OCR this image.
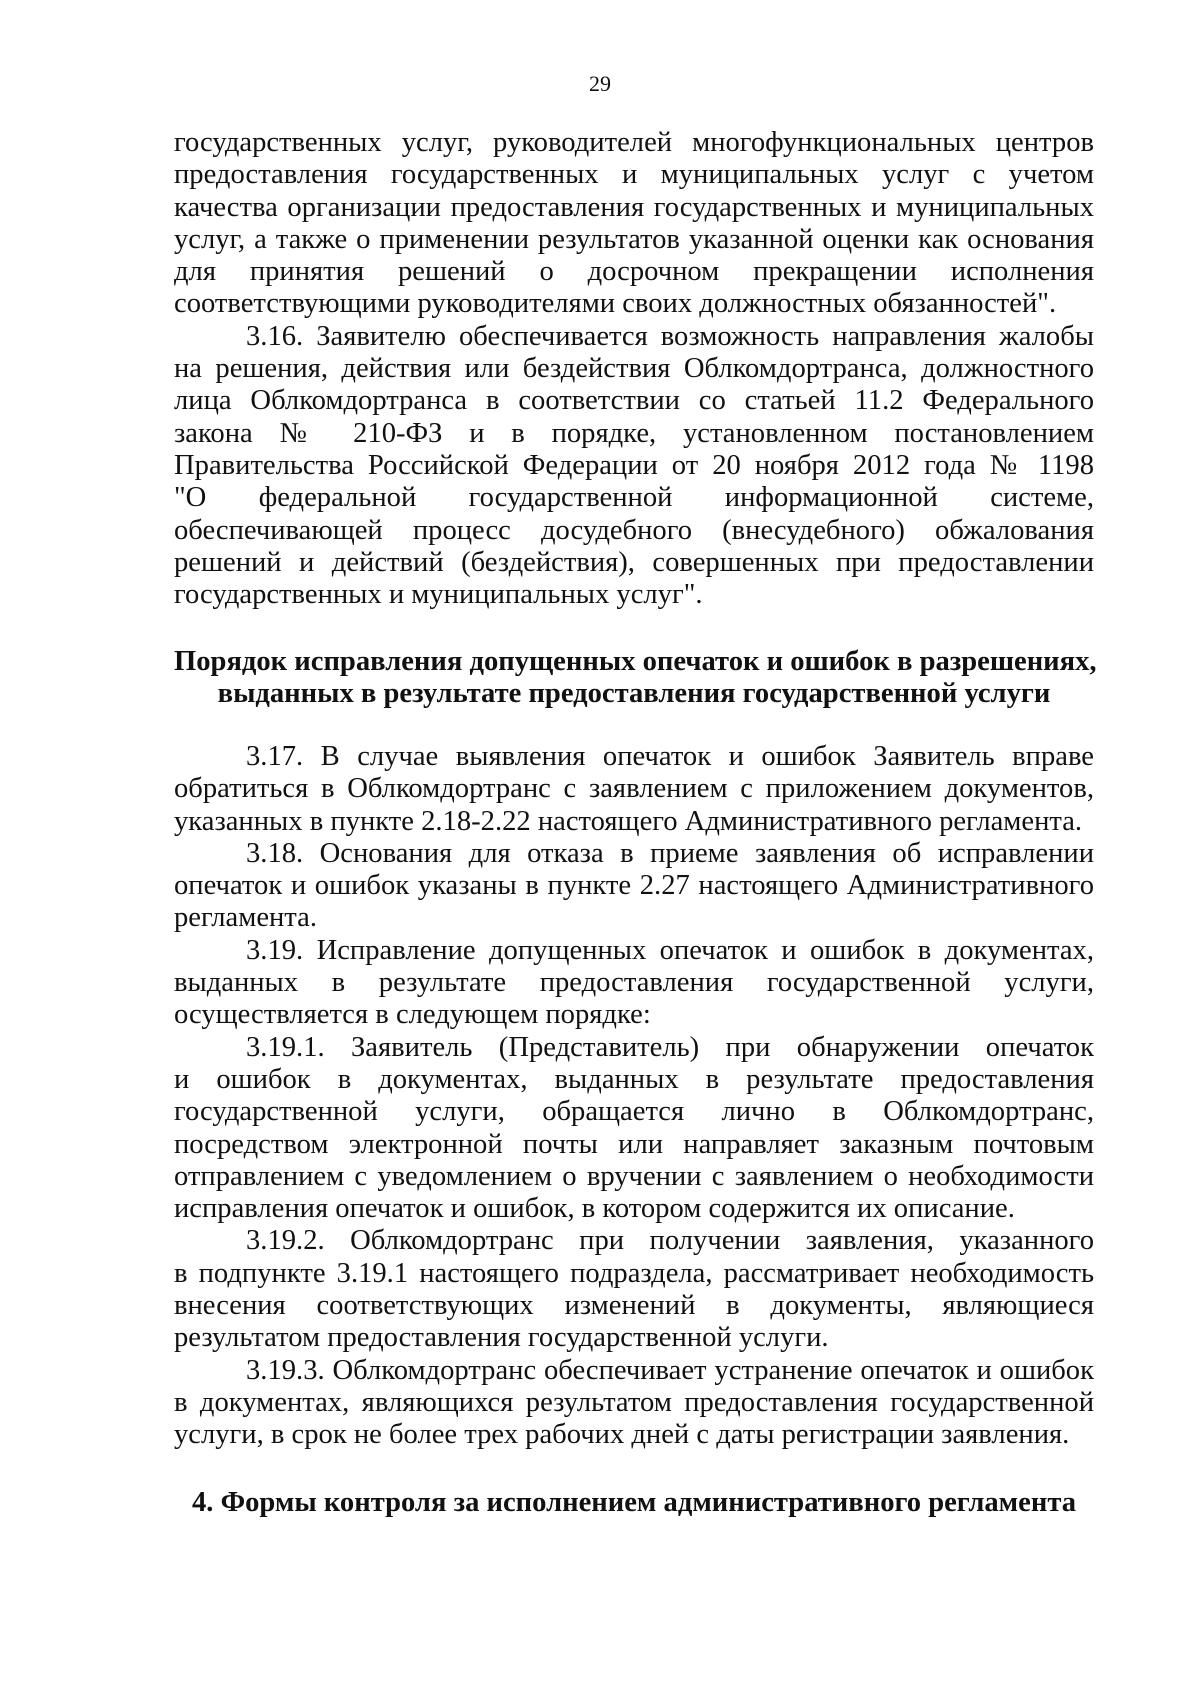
29
государственных услуг, руководителей многофункциональных центров
предоставления государственных и муниципальных услуг с учетом
качества организации предоставления государственных и муниципальных
услуг, а также о применении результатов указанной оценки как основания
для принятия решений о досрочном прекращении исполнения
соответствующими руководителями своих должностных обязанностей".
3.16. Заявителю обеспечивается возможность направления жалобы
на решения, действия или бездействия Облкомдортранса, должностного
лица Облкомдортранса в соответствии со статьей 11.2 Федерального
закона № 210-ФЗ и в порядке, установленном постановлением
Правительства Российской Федерации от 20 ноября 2012 года № 1198
"О федеральной государственной информационной системе,
обеспечивающей процесс досудебного (внесудебного) обжалования
решений и действий (бездействия), совершенных при предоставлении
государственных и муниципальных услуг".
Порядок исправления допущенных опечаток и ошибок в разрешениях,
выданных в результате предоставления государственной услуги
3.17. В случае выявления опечаток и ошибок Заявитель вправе
обратиться в Облкомдортранс с заявлением с приложением документов,
указанных в пункте 2.18-2.22 настоящего Административного регламента.
3.18. Основания для отказа в приеме заявления об исправлении
опечаток и ошибок указаны в пункте 2.27 настоящего Административного
регламента.
3.19. Исправление допущенных опечаток и ошибок в документах,
выданных в результате предоставления государственной услуги,
осуществляется в следующем порядке:
3.19.1. Заявитель (Представитель) при обнаружении опечаток
и ошибок в документах, выданных в результате предоставления
государственной услуги, обращается лично в Облкомдортранс,
посредством электронной почты или направляет заказным почтовым
отправлением с уведомлением о вручении с заявлением о необходимости
исправления опечаток и ошибок, в котором содержится их описание.
3.19.2. Облкомдортранс при получении заявления, указанного
в подпункте 3.19.1 настоящего подраздела, рассматривает необходимость
внесения соответствующих изменений в документы, являющиеся
результатом предоставления государственной услуги.
3.19.3. Облкомдортранс обеспечивает устранение опечаток и ошибок
в документах, являющихся результатом предоставления государственной
услуги, в срок не более трех рабочих дней с даты регистрации заявления.
4. Формы контроля за исполнением административного регламента
